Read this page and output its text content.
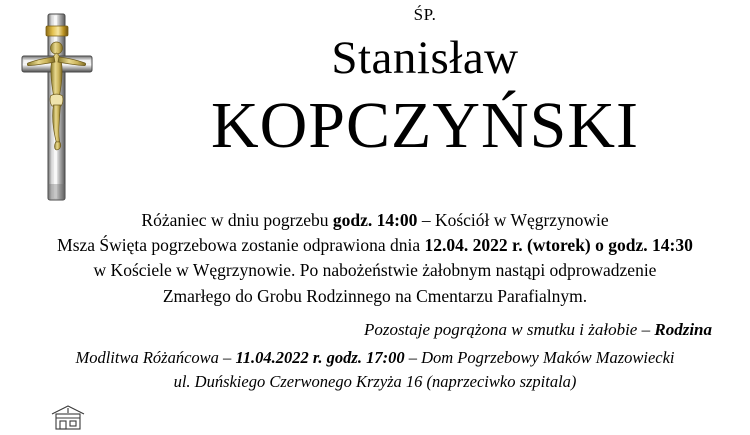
ŚP.
Stanisław
KOPCZYŃSKI

Różaniec w dniu pogrzebu godz. 14:00 – Kościół w Węgrzynowie

Msza Święta pogrzebowa zostanie odprawiona dnia 12.04. 2022 r. (wtorek) o godz. 14:30

w Kościele w Węgrzynowie. Po nabożeństwie żałobnym nastąpi odprowadzenie

Zmarłego do Grobu Rodzinnego na Cmentarzu Parafialnym.

Pozostaje pogrążona w smutku i żałobie – Rodzina

Modlitwa Różańcowa – 11.04.2022 r. godz. 17:00 – Dom Pogrzebowy Maków Mazowiecki

ul. Duńskiego Czerwonego Krzyża 16 (naprzeciwko szpitala)
